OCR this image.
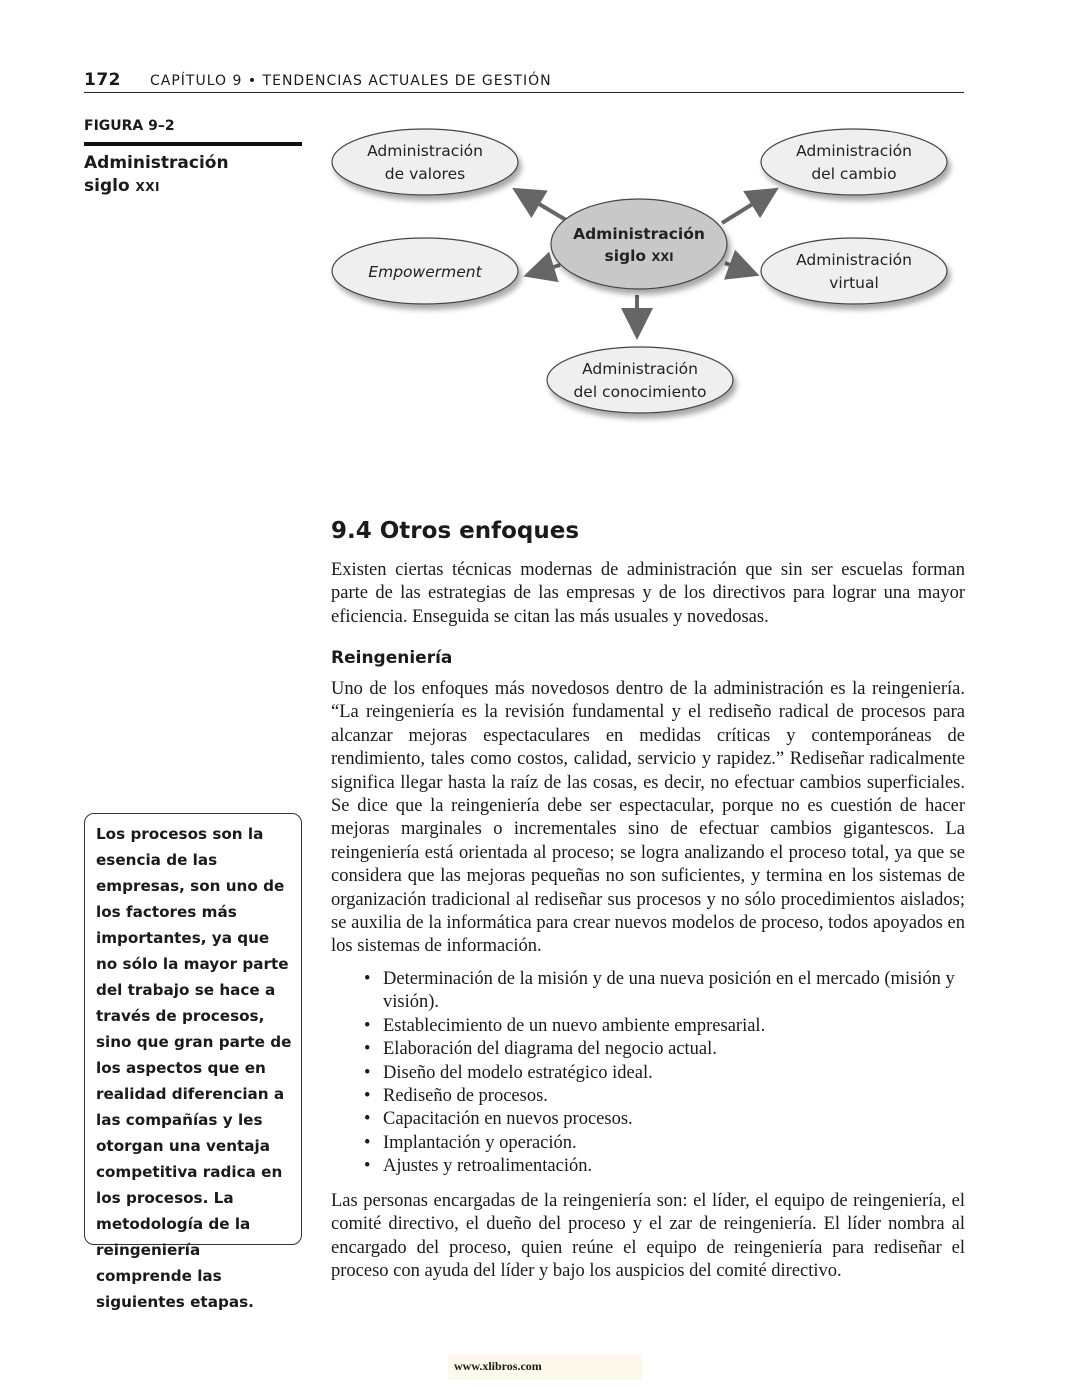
172 CAPÍTULO 9 • TENDENCIAS ACTUALES DE GESTIÓN
FIGURA 9–2
Administración
siglo XXI
Administración
de valores
Administración
del cambio
Empowerment
Administración
virtual
Administración
del conocimiento
Administración
siglo XXI
9.4 Otros enfoques

Existen ciertas técnicas modernas de administración que sin ser escuelas forman parte de las estrategias de las empresas y de los directivos para lograr una mayor eficiencia. Enseguida se citan las más usuales y novedosas.

Reingeniería

Uno de los enfoques más novedosos dentro de la administración es la reingeniería. “La reingeniería es la revisión fundamental y el rediseño radical de procesos para alcanzar mejoras espectaculares en medidas críticas y contemporáneas de rendimiento, tales como costos, calidad, servicio y rapidez.” Rediseñar radicalmente significa llegar hasta la raíz de las cosas, es decir, no efectuar cambios superficiales. Se dice que la reingeniería debe ser espectacular, porque no es cuestión de hacer mejoras marginales o incrementales sino de efectuar cambios gigantescos. La reingeniería está orientada al proceso; se logra analizando el proceso total, ya que se considera que las mejoras pequeñas no son suficientes, y termina en los sistemas de organización tradicional al rediseñar sus procesos y no sólo procedimientos aislados; se auxilia de la informática para crear nuevos modelos de proceso, todos apoyados en los sistemas de información.

• Determinación de la misión y de una nueva posición en el mercado (misión y visión).
• Establecimiento de un nuevo ambiente empresarial.
• Elaboración del diagrama del negocio actual.
• Diseño del modelo estratégico ideal.
• Rediseño de procesos.
• Capacitación en nuevos procesos.
• Implantación y operación.
• Ajustes y retroalimentación.

Las personas encargadas de la reingeniería son: el líder, el equipo de reingeniería, el comité directivo, el dueño del proceso y el zar de reingeniería. El líder nombra al encargado del proceso, quien reúne el equipo de reingeniería para rediseñar el proceso con ayuda del líder y bajo los auspicios del comité directivo.

Los procesos son la esencia de las empresas, son uno de los factores más importantes, ya que no sólo la mayor parte del trabajo se hace a través de procesos, sino que gran parte de los aspectos que en realidad diferencian a las compañías y les otorgan una ventaja competitiva radica en los procesos. La metodología de la reingeniería comprende las siguientes etapas.
www.xlibros.com
